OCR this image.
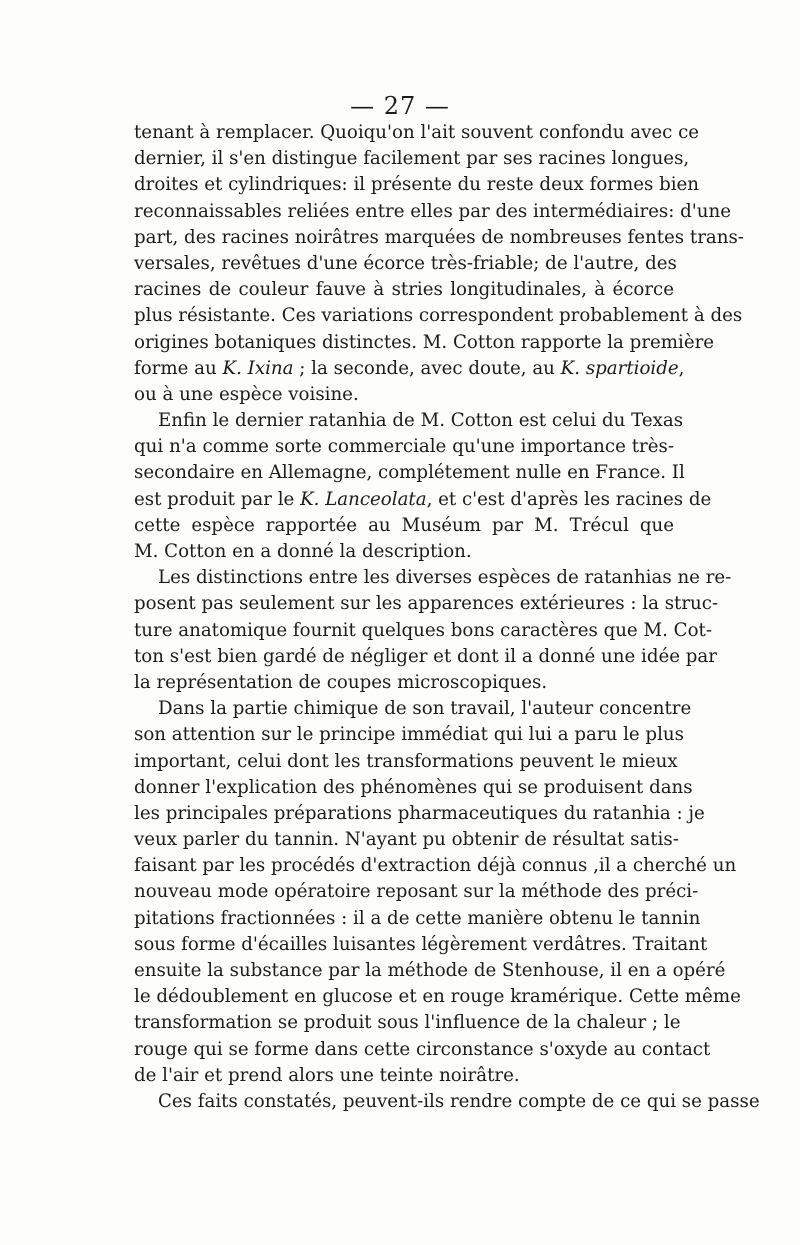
— 27 —
tenant à remplacer. Quoiqu'on l'ait souvent confondu avec ce
dernier, il s'en distingue facilement par ses racines longues,
droites et cylindriques: il présente du reste deux formes bien
reconnaissables reliées entre elles par des intermédiaires: d'une
part, des racines noirâtres marquées de nombreuses fentes trans-
versales, revêtues d'une écorce très-friable; de l'autre, des
racines de couleur fauve à stries longitudinales, à écorce
plus résistante. Ces variations correspondent probablement à des
origines botaniques distinctes. M. Cotton rapporte la première
forme au K. Ixina ; la seconde, avec doute, au K. spartioide,
ou à une espèce voisine.
Enfin le dernier ratanhia de M. Cotton est celui du Texas
qui n'a comme sorte commerciale qu'une importance très-
secondaire en Allemagne, complétement nulle en France. Il
est produit par le K. Lanceolata, et c'est d'après les racines de
cette espèce rapportée au Muséum par M. Trécul que
M. Cotton en a donné la description.
Les distinctions entre les diverses espèces de ratanhias ne re-
posent pas seulement sur les apparences extérieures : la struc-
ture anatomique fournit quelques bons caractères que M. Cot-
ton s'est bien gardé de négliger et dont il a donné une idée par
la représentation de coupes microscopiques.
Dans la partie chimique de son travail, l'auteur concentre
son attention sur le principe immédiat qui lui a paru le plus
important, celui dont les transformations peuvent le mieux
donner l'explication des phénomènes qui se produisent dans
les principales préparations pharmaceutiques du ratanhia : je
veux parler du tannin. N'ayant pu obtenir de résultat satis-
faisant par les procédés d'extraction déjà connus ,il a cherché un
nouveau mode opératoire reposant sur la méthode des préci-
pitations fractionnées : il a de cette manière obtenu le tannin
sous forme d'écailles luisantes légèrement verdâtres. Traitant
ensuite la substance par la méthode de Stenhouse, il en a opéré
le dédoublement en glucose et en rouge kramérique. Cette même
transformation se produit sous l'influence de la chaleur ; le
rouge qui se forme dans cette circonstance s'oxyde au contact
de l'air et prend alors une teinte noirâtre.
Ces faits constatés, peuvent-ils rendre compte de ce qui se passe
